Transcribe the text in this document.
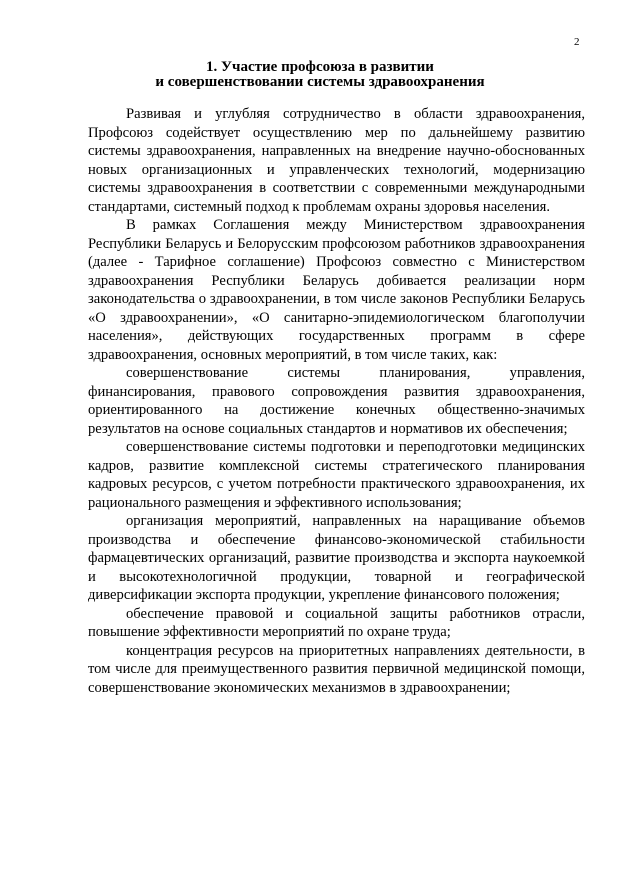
2
1. Участие профсоюза в развитии
и совершенствовании системы здравоохранения

Развивая и углубляя сотрудничество в области здравоохранения, Профсоюз содействует осуществлению мер по дальнейшему развитию системы здравоохранения, направленных на внедрение научно-обоснованных новых организационных и управленческих технологий, модернизацию системы здравоохранения в соответствии с современными международными стандартами, системный подход к проблемам охраны здоровья населения.

В рамках Соглашения между Министерством здравоохранения Республики Беларусь и Белорусским профсоюзом работников здравоохранения (далее - Тарифное соглашение) Профсоюз совместно с Министерством здравоохранения Республики Беларусь добивается реализации норм законодательства о здравоохранении, в том числе законов Республики Беларусь «О здравоохранении», «О санитарно-эпидемиологическом благополучии населения», действующих государственных программ в сфере здравоохранения, основных мероприятий, в том числе таких, как:

совершенствование системы планирования, управления, финансирования, правового сопровождения развития здравоохранения, ориентированного на достижение конечных общественно-значимых результатов на основе социальных стандартов и нормативов их обеспечения;

совершенствование системы подготовки и переподготовки медицинских кадров, развитие комплексной системы стратегического планирования кадровых ресурсов, с учетом потребности практического здравоохранения, их рационального размещения и эффективного использования;

организация мероприятий, направленных на наращивание объемов производства и обеспечение финансово-экономической стабильности фармацевтических организаций, развитие производства и экспорта наукоемкой и высокотехнологичной продукции, товарной и географической диверсификации экспорта продукции, укрепление финансового положения;

обеспечение правовой и социальной защиты работников отрасли, повышение эффективности мероприятий по охране труда;

концентрация ресурсов на приоритетных направлениях деятельности, в том числе для преимущественного развития первичной медицинской помощи, совершенствование экономических механизмов в здравоохранении;
